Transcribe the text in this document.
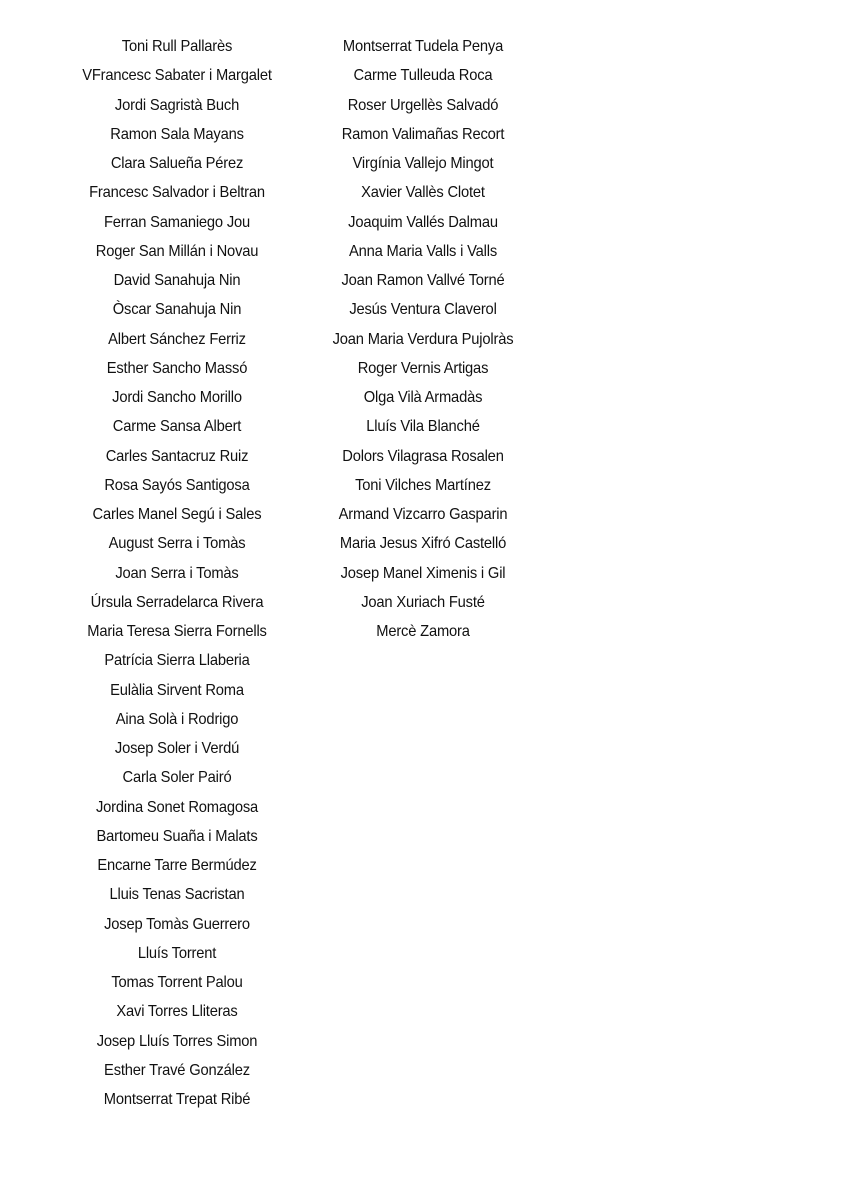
Toni Rull Pallarès
VFrancesc Sabater i Margalet
Jordi Sagristà Buch
Ramon Sala Mayans
Clara Salueña Pérez
Francesc Salvador i Beltran
Ferran Samaniego Jou
Roger San Millán i Novau
David Sanahuja Nin
Òscar Sanahuja Nin
Albert Sánchez Ferriz
Esther Sancho Massó
Jordi Sancho Morillo
Carme Sansa Albert
Carles Santacruz Ruiz
Rosa Sayós Santigosa
Carles Manel Segú i Sales
August Serra i Tomàs
Joan Serra i Tomàs
Úrsula Serradelarca Rivera
Maria Teresa Sierra Fornells
Patrícia Sierra Llaberia
Eulàlia Sirvent Roma
Aina Solà i Rodrigo
Josep Soler i Verdú
Carla Soler Pairó
Jordina Sonet Romagosa
Bartomeu Suaña i Malats
Encarne Tarre Bermúdez
Lluis Tenas Sacristan
Josep Tomàs Guerrero
Lluís Torrent
Tomas Torrent Palou
Xavi Torres Lliteras
Josep Lluís Torres Simon
Esther Travé González
Montserrat Trepat Ribé
Montserrat Tudela Penya
Carme Tulleuda Roca
Roser Urgellès Salvadó
Ramon Valimañas Recort
Virgínia Vallejo Mingot
Xavier Vallès Clotet
Joaquim Vallés Dalmau
Anna Maria Valls i Valls
Joan Ramon Vallvé Torné
Jesús Ventura Claverol
Joan Maria Verdura Pujolràs
Roger Vernis Artigas
Olga Vilà Armadàs
Lluís Vila Blanché
Dolors Vilagrasa Rosalen
Toni Vilches Martínez
Armand Vizcarro Gasparin
Maria Jesus Xifró Castelló
Josep Manel Ximenis i Gil
Joan Xuriach Fusté
Mercè Zamora
